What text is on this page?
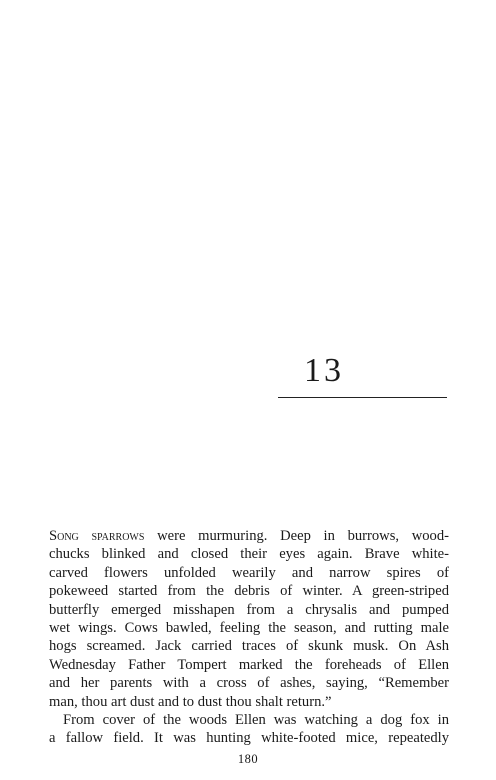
13
Song sparrows were murmuring. Deep in burrows, wood-
chucks blinked and closed their eyes again. Brave white-
carved flowers unfolded wearily and narrow spires of
pokeweed started from the debris of winter. A green-striped
butterfly emerged misshapen from a chrysalis and pumped
wet wings. Cows bawled, feeling the season, and rutting male
hogs screamed. Jack carried traces of skunk musk. On Ash
Wednesday Father Tompert marked the foreheads of Ellen
and her parents with a cross of ashes, saying, “Remember
man, thou art dust and to dust thou shalt return.”
From cover of the woods Ellen was watching a dog fox in
a fallow field. It was hunting white-footed mice, repeatedly
180
